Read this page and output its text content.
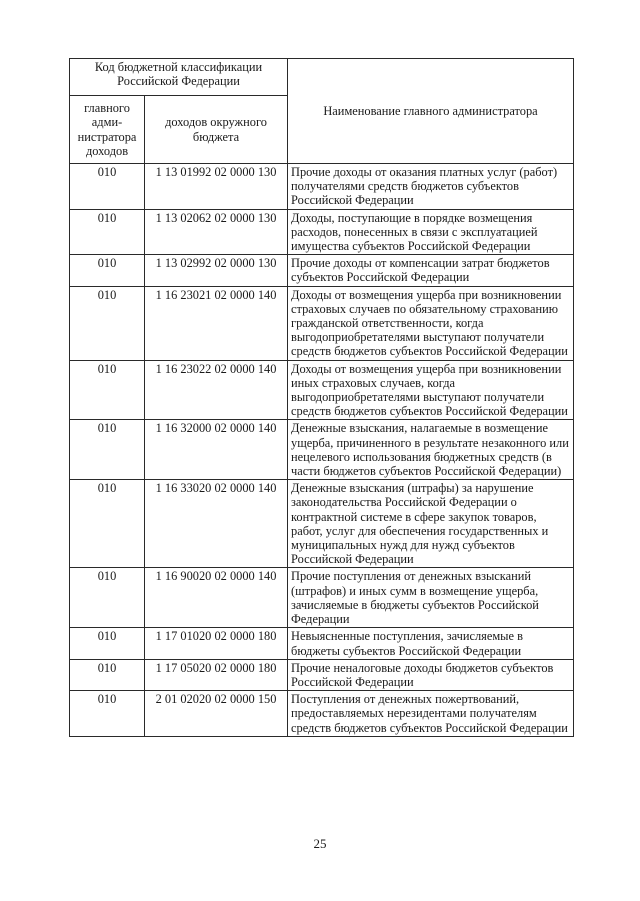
Код бюджетной классификации Российской Федерации		Наименование главного администратора
главного адми-нистратора доходов	доходов окружного бюджета	
010	1 13 01992 02 0000 130	Прочие доходы от оказания платных услуг (работ) получателями средств бюджетов субъектов Российской Федерации
010	1 13 02062 02 0000 130	Доходы, поступающие в порядке возмещения расходов, понесенных в связи с эксплуатацией имущества субъектов Российской Федерации
010	1 13 02992 02 0000 130	Прочие доходы от компенсации затрат бюджетов субъектов Российской Федерации
010	1 16 23021 02 0000 140	Доходы от возмещения ущерба при возникновении страховых случаев по обязательному страхованию гражданской ответственности, когда выгодоприобретателями выступают получатели средств бюджетов субъектов Российской Федерации
010	1 16 23022 02 0000 140	Доходы от возмещения ущерба при возникновении иных страховых случаев, когда выгодоприобретателями выступают получатели средств бюджетов субъектов Российской Федерации
010	1 16 32000 02 0000 140	Денежные взыскания, налагаемые в возмещение ущерба, причиненного в результате незаконного или нецелевого использования бюджетных средств (в части бюджетов субъектов Российской Федерации)
010	1 16 33020 02 0000 140	Денежные взыскания (штрафы) за нарушение законодательства Российской Федерации о контрактной системе в сфере закупок товаров, работ, услуг для обеспечения государственных и муниципальных нужд для нужд субъектов Российской Федерации
010	1 16 90020 02 0000 140	Прочие поступления от денежных взысканий (штрафов) и иных сумм в возмещение ущерба, зачисляемые в бюджеты субъектов Российской Федерации
010	1 17 01020 02 0000 180	Невыясненные поступления, зачисляемые в бюджеты субъектов Российской Федерации
010	1 17 05020 02 0000 180	Прочие неналоговые доходы бюджетов субъектов Российской Федерации
010	2 01 02020 02 0000 150	Поступления от денежных пожертвований, предоставляемых нерезидентами получателям средств бюджетов субъектов Российской Федерации
25
